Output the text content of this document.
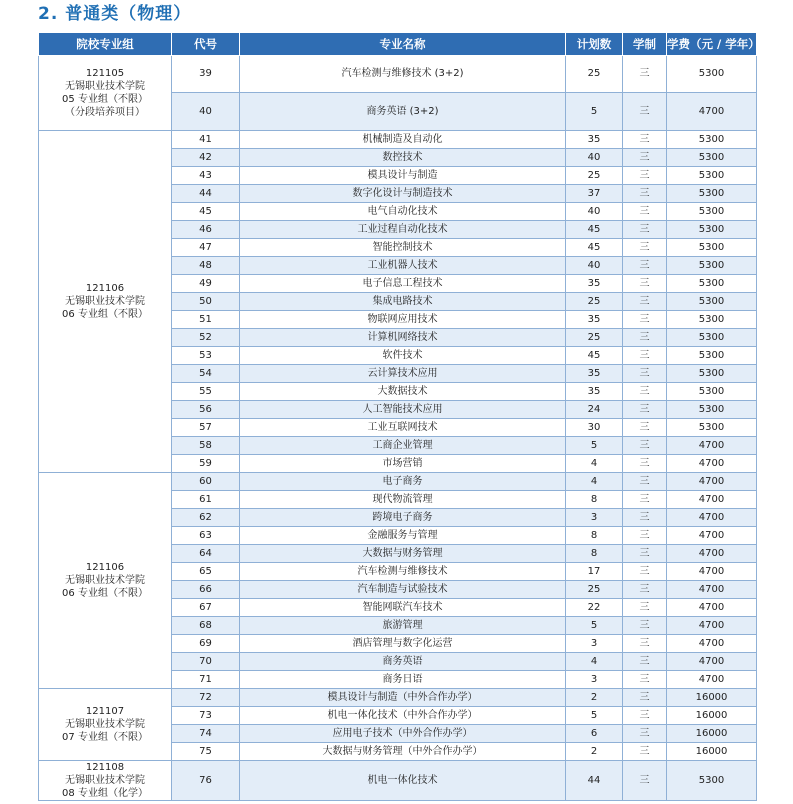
2. 普通类（物理）
院校专业组	代号	专业名称	计划数	学制	学费（元 / 学年）

121105
无锡职业技术学院
05 专业组（不限）
（分段培养项目）	39	汽车检测与维修技术 (3+2)	25	三	5300
	40	商务英语 (3+2)	5	三	4700

121106
无锡职业技术学院
06 专业组（不限）	41	机械制造及自动化	35	三	5300
	42	数控技术	40	三	5300
	43	模具设计与制造	25	三	5300
	44	数字化设计与制造技术	37	三	5300
	45	电气自动化技术	40	三	5300
	46	工业过程自动化技术	45	三	5300
	47	智能控制技术	45	三	5300
	48	工业机器人技术	40	三	5300
	49	电子信息工程技术	35	三	5300
	50	集成电路技术	25	三	5300
	51	物联网应用技术	35	三	5300
	52	计算机网络技术	25	三	5300
	53	软件技术	45	三	5300
	54	云计算技术应用	35	三	5300
	55	大数据技术	35	三	5300
	56	人工智能技术应用	24	三	5300
	57	工业互联网技术	30	三	5300
	58	工商企业管理	5	三	4700
	59	市场营销	4	三	4700

121106
无锡职业技术学院
06 专业组（不限）	60	电子商务	4	三	4700
	61	现代物流管理	8	三	4700
	62	跨境电子商务	3	三	4700
	63	金融服务与管理	8	三	4700
	64	大数据与财务管理	8	三	4700
	65	汽车检测与维修技术	17	三	4700
	66	汽车制造与试验技术	25	三	4700
	67	智能网联汽车技术	22	三	4700
	68	旅游管理	5	三	4700
	69	酒店管理与数字化运营	3	三	4700
	70	商务英语	4	三	4700
	71	商务日语	3	三	4700

121107
无锡职业技术学院
07 专业组（不限）	72	模具设计与制造（中外合作办学）	2	三	16000
	73	机电一体化技术（中外合作办学）	5	三	16000
	74	应用电子技术（中外合作办学）	6	三	16000
	75	大数据与财务管理（中外合作办学）	2	三	16000

121108
无锡职业技术学院
08 专业组（化学）	76	机电一体化技术	44	三	5300
